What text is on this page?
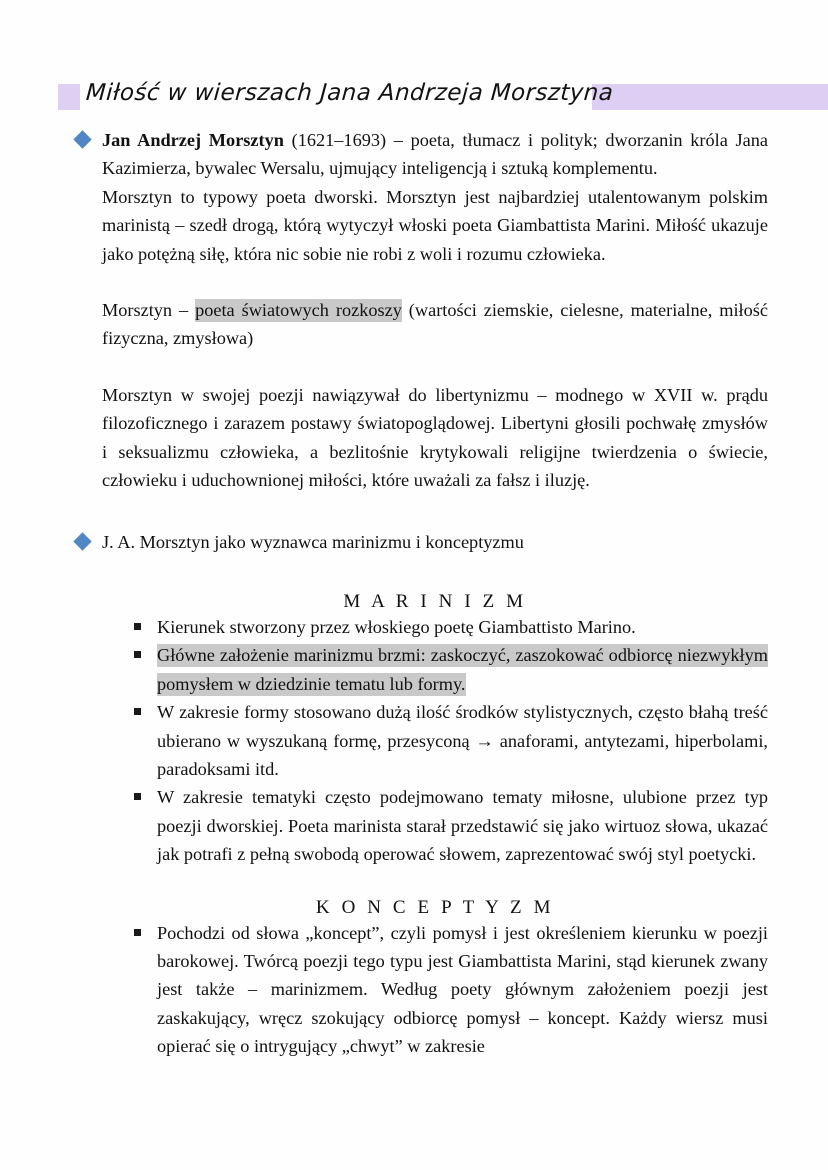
Miłość w wierszach Jana Andrzeja Morsztyna

Jan Andrzej Morsztyn (1621–1693) – poeta, tłumacz i polityk; dworzanin króla Jana Kazimierza, bywalec Wersalu, ujmujący inteligencją i sztuką komplementu.

Morsztyn to typowy poeta dworski. Morsztyn jest najbardziej utalentowanym polskim marinistą – szedł drogą, którą wytyczył włoski poeta Giambattista Marini. Miłość ukazuje jako potężną siłę, która nic sobie nie robi z woli i rozumu człowieka.

Morsztyn – poeta światowych rozkoszy (wartości ziemskie, cielesne, materialne, miłość fizyczna, zmysłowa)

Morsztyn w swojej poezji nawiązywał do libertynizmu – modnego w XVII w. prądu filozoficznego i zarazem postawy światopoglądowej. Libertyni głosili pochwałę zmysłów i seksualizmu człowieka, a bezlitośnie krytykowali religijne twierdzenia o świecie, człowieku i uduchownionej miłości, które uważali za fałsz i iluzję.

J. A. Morsztyn jako wyznawca marinizmu i konceptyzmu

M A R I N I Z M

Kierunek stworzony przez włoskiego poetę Giambattisto Marino.
Główne założenie marinizmu brzmi: zaskoczyć, zaszokować odbiorcę niezwykłym pomysłem w dziedzinie tematu lub formy.
W zakresie formy stosowano dużą ilość środków stylistycznych, często błahą treść ubierano w wyszukaną formę, przesyconą → anaforami, antytezami, hiperbolami, paradoksami itd.
W zakresie tematyki często podejmowano tematy miłosne, ulubione przez typ poezji dworskiej. Poeta marinista starał przedstawić się jako wirtuoz słowa, ukazać jak potrafi z pełną swobodą operować słowem, zaprezentować swój styl poetycki.

K O N C E P T Y Z M

Pochodzi od słowa „koncept”, czyli pomysł i jest określeniem kierunku w poezji barokowej. Twórcą poezji tego typu jest Giambattista Marini, stąd kierunek zwany jest także – marinizmem. Według poety głównym założeniem poezji jest zaskakujący, wręcz szokujący odbiorcę pomysł – koncept. Każdy wiersz musi opierać się o intrygujący „chwyt” w zakresie
